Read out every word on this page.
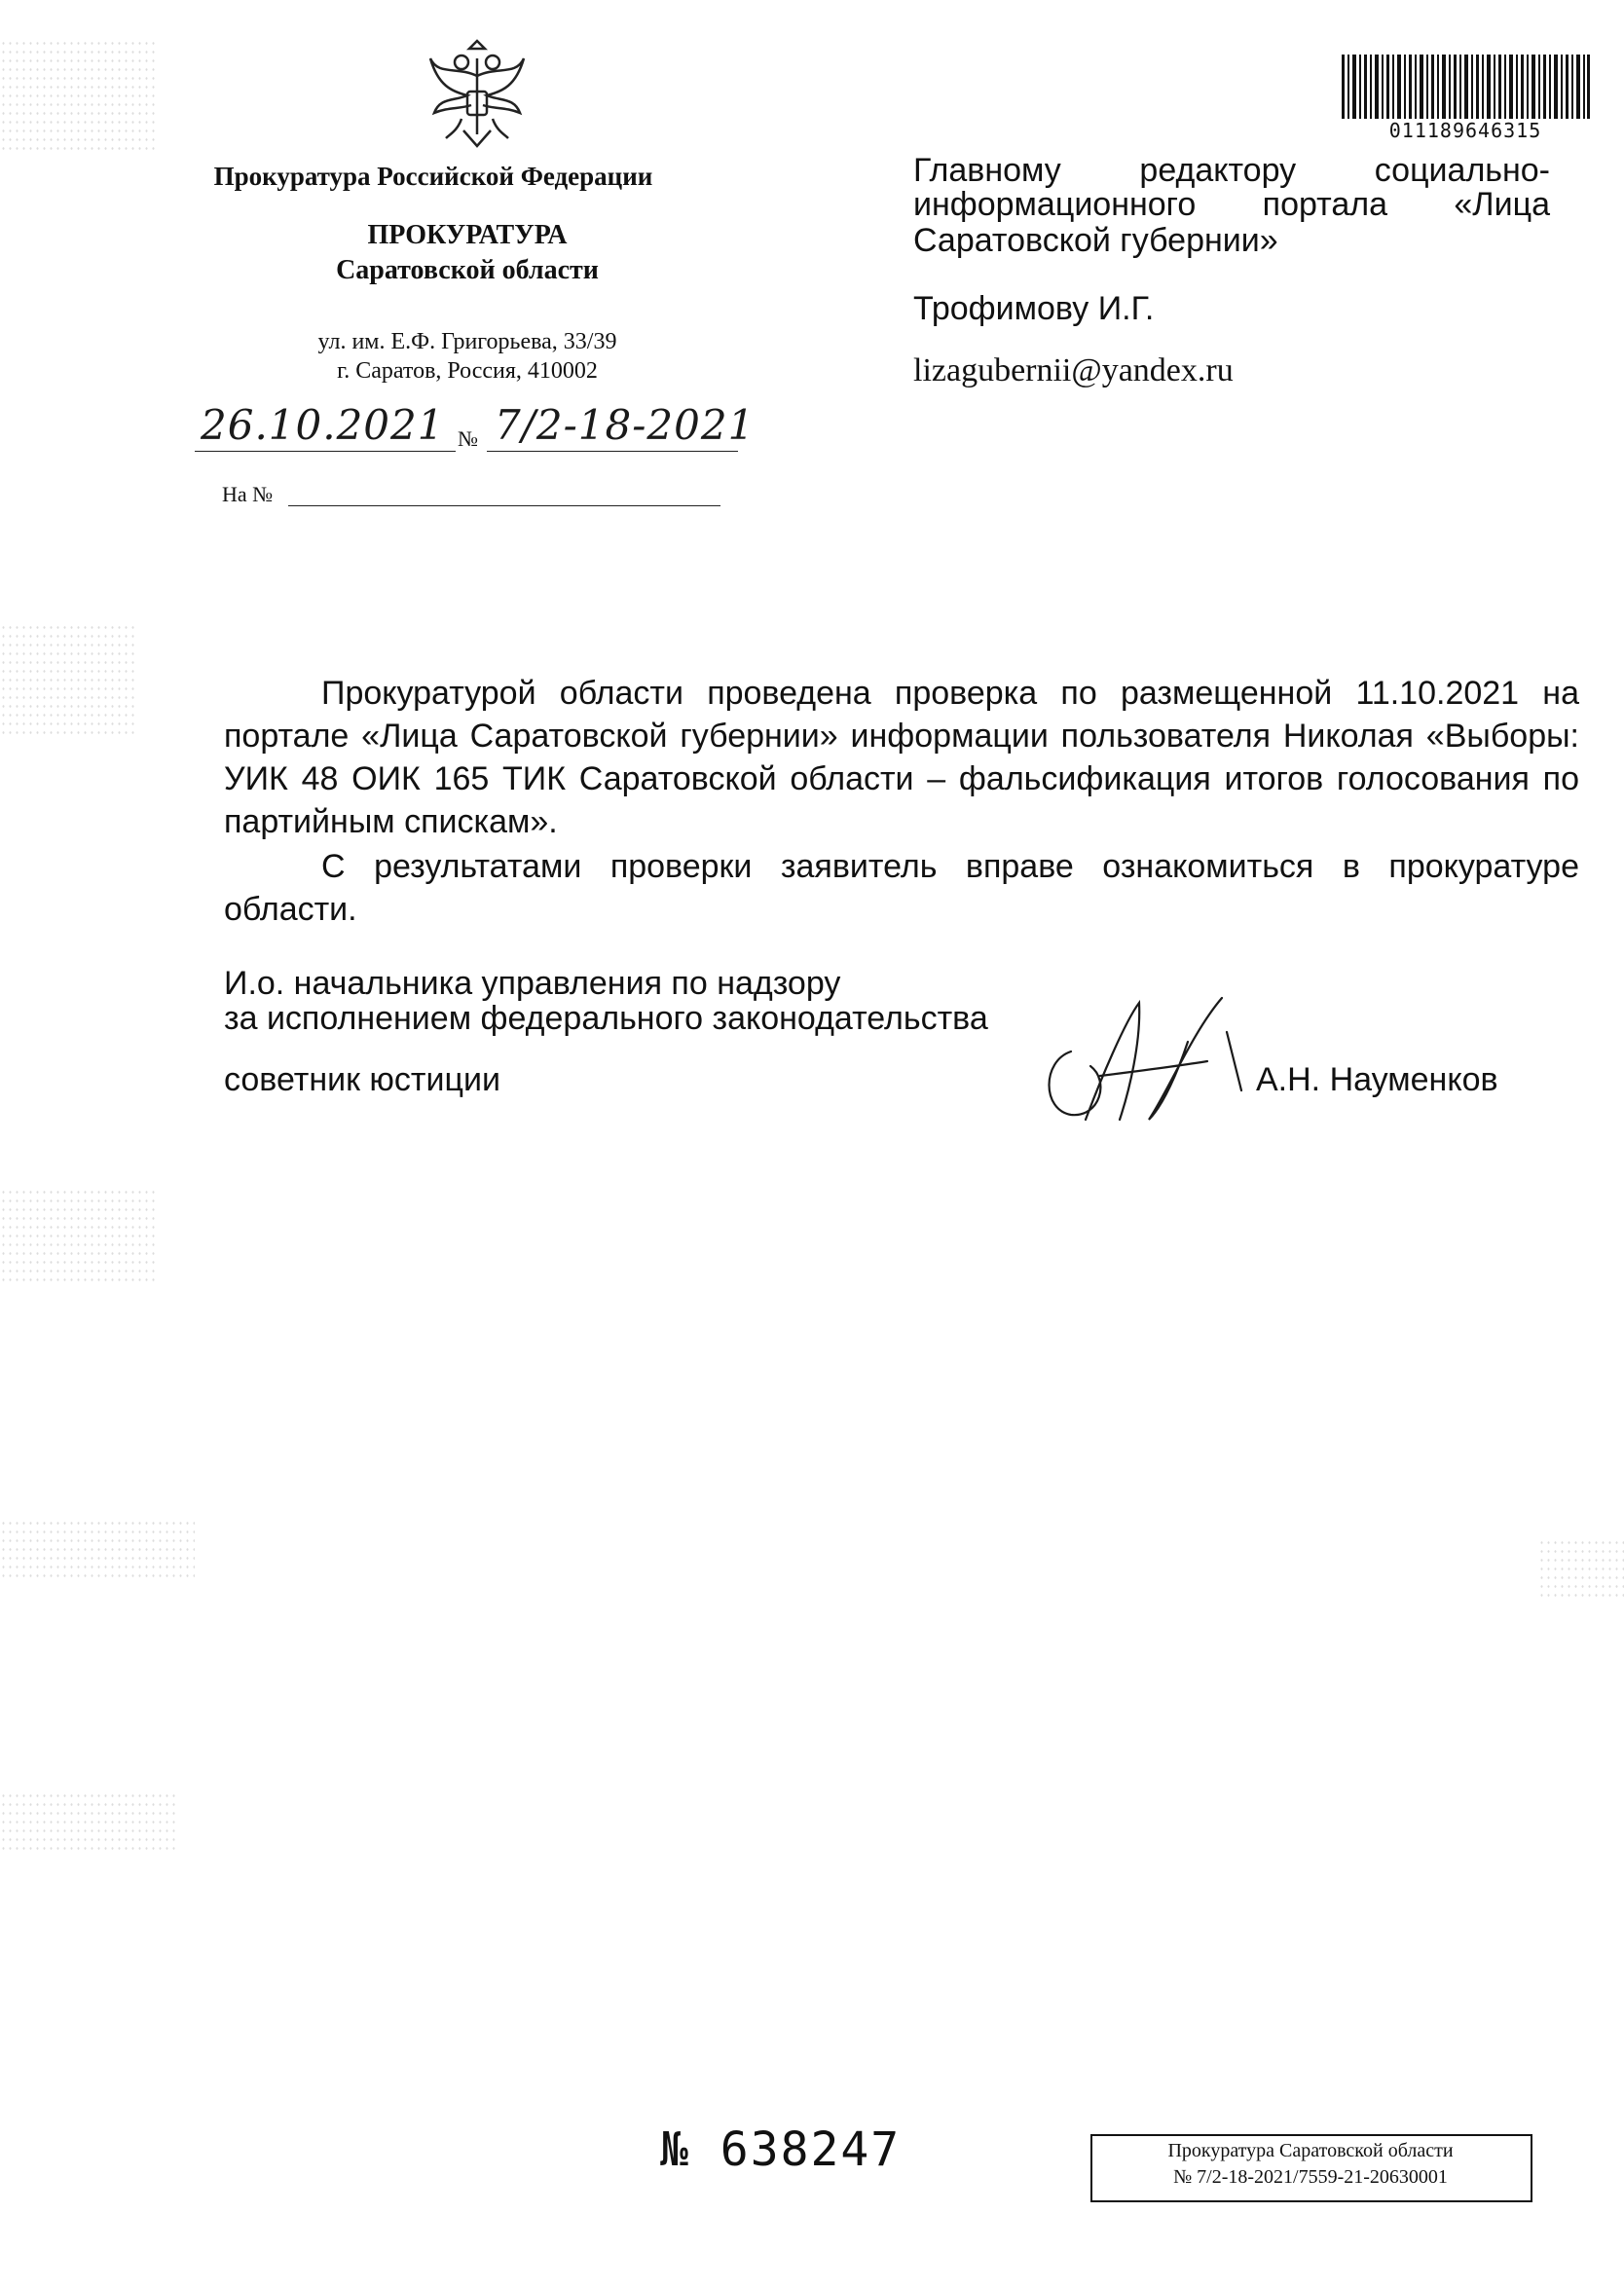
Прокуратура Российской Федерации
ПРОКУРАТУРА
Саратовской области
ул. им. Е.Ф. Григорьева, 33/39
г. Саратов, Россия, 410002
26.10.2021 № 7/2-18-2021
На №
011189646315
Главному редактору социально-
информационного портала «Лица
Саратовской губернии»
Трофимову И.Г.
lizagubernii@yandex.ru
Прокуратурой области проведена проверка по размещенной 11.10.2021 на портале «Лица Саратовской губернии» информации пользователя Николая «Выборы: УИК 48 ОИК 165 ТИК Саратовской области – фальсификация итогов голосования по партийным спискам».
С результатами проверки заявитель вправе ознакомиться в прокуратуре области.
И.о. начальника управления по надзору
за исполнением федерального законодательства
советник юстиции	А.Н. Науменков
№ 638247	Прокуратура Саратовской области
№ 7/2-18-2021/7559-21-20630001
